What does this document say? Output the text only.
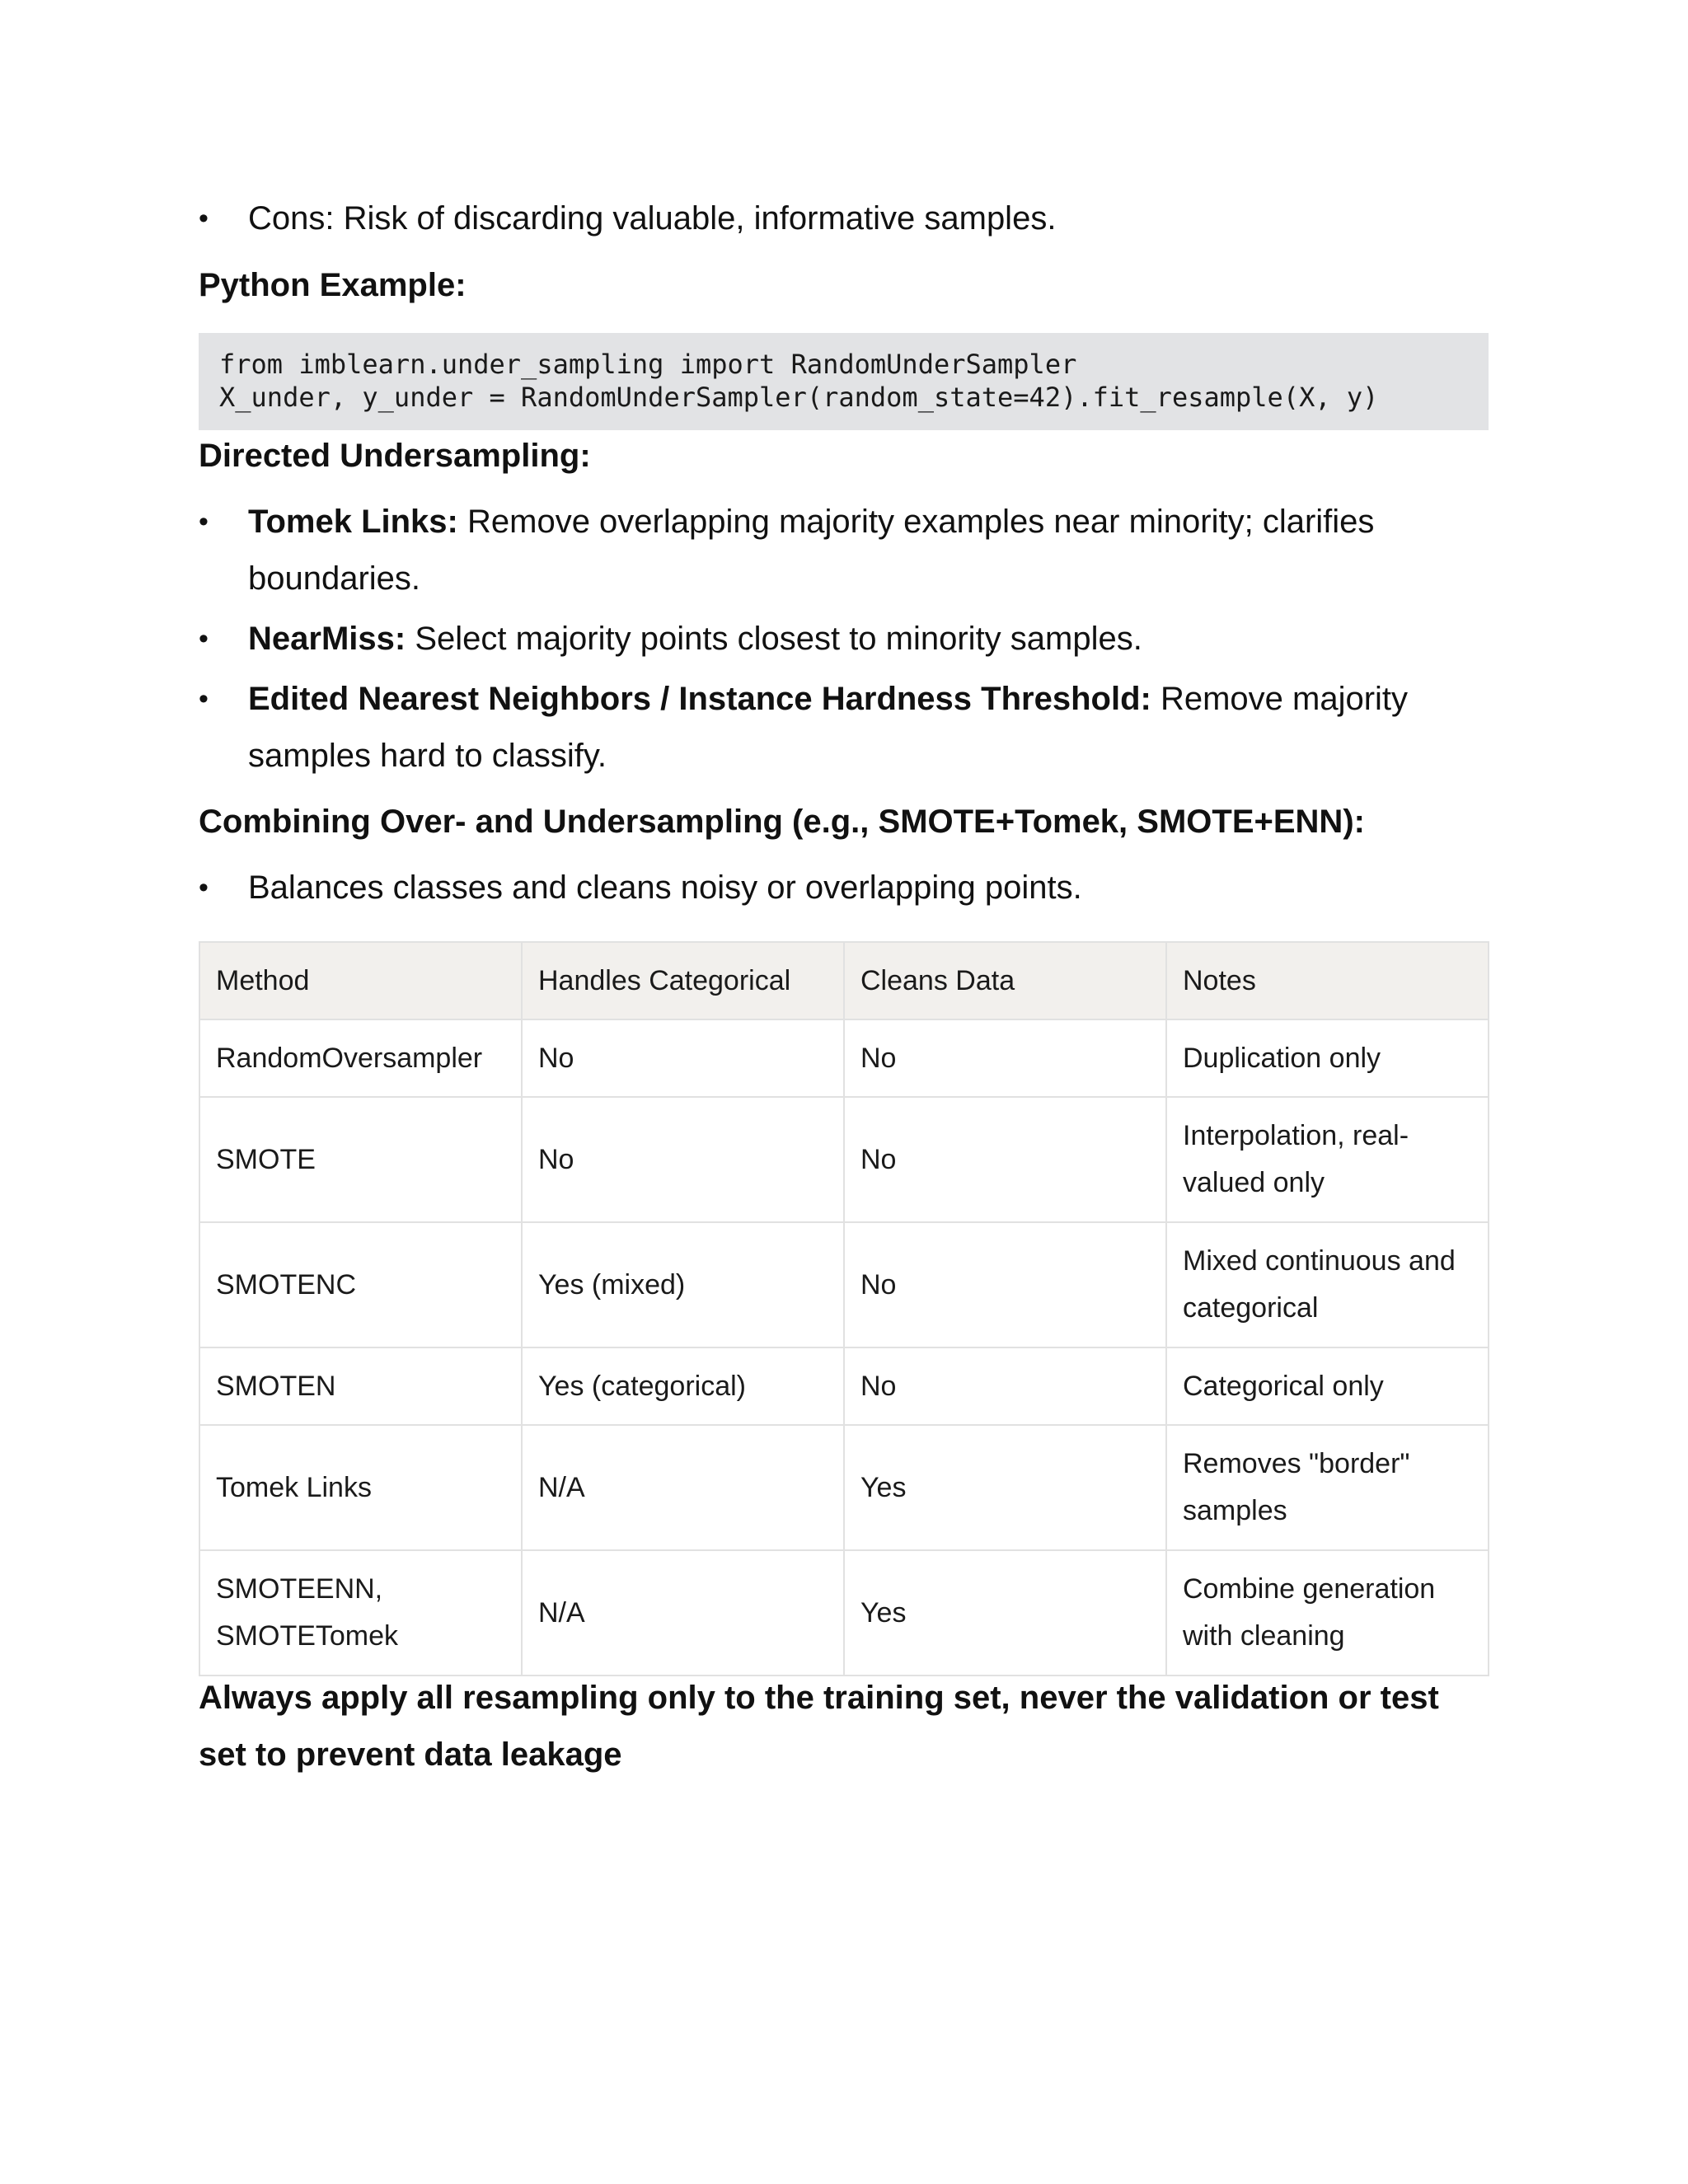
•	Cons: Risk of discarding valuable, informative samples.
Python Example:
from imblearn.under_sampling import RandomUnderSampler
X_under, y_under = RandomUnderSampler(random_state=42).fit_resample(X, y)
Directed Undersampling:
•	Tomek Links: Remove overlapping majority examples near minority; clarifies boundaries.
•	NearMiss: Select majority points closest to minority samples.
•	Edited Nearest Neighbors / Instance Hardness Threshold: Remove majority samples hard to classify.
Combining Over- and Undersampling (e.g., SMOTE+Tomek, SMOTE+ENN):
•	Balances classes and cleans noisy or overlapping points.
Method	Handles Categorical	Cleans Data	Notes
RandomOversampler	No	No	Duplication only
SMOTE	No	No	Interpolation, real-valued only
SMOTENC	Yes (mixed)	No	Mixed continuous and categorical
SMOTEN	Yes (categorical)	No	Categorical only
Tomek Links	N/A	Yes	Removes "border" samples
SMOTEENN, SMOTETomek	N/A	Yes	Combine generation with cleaning
Always apply all resampling only to the training set, never the validation or test set to prevent data leakage
